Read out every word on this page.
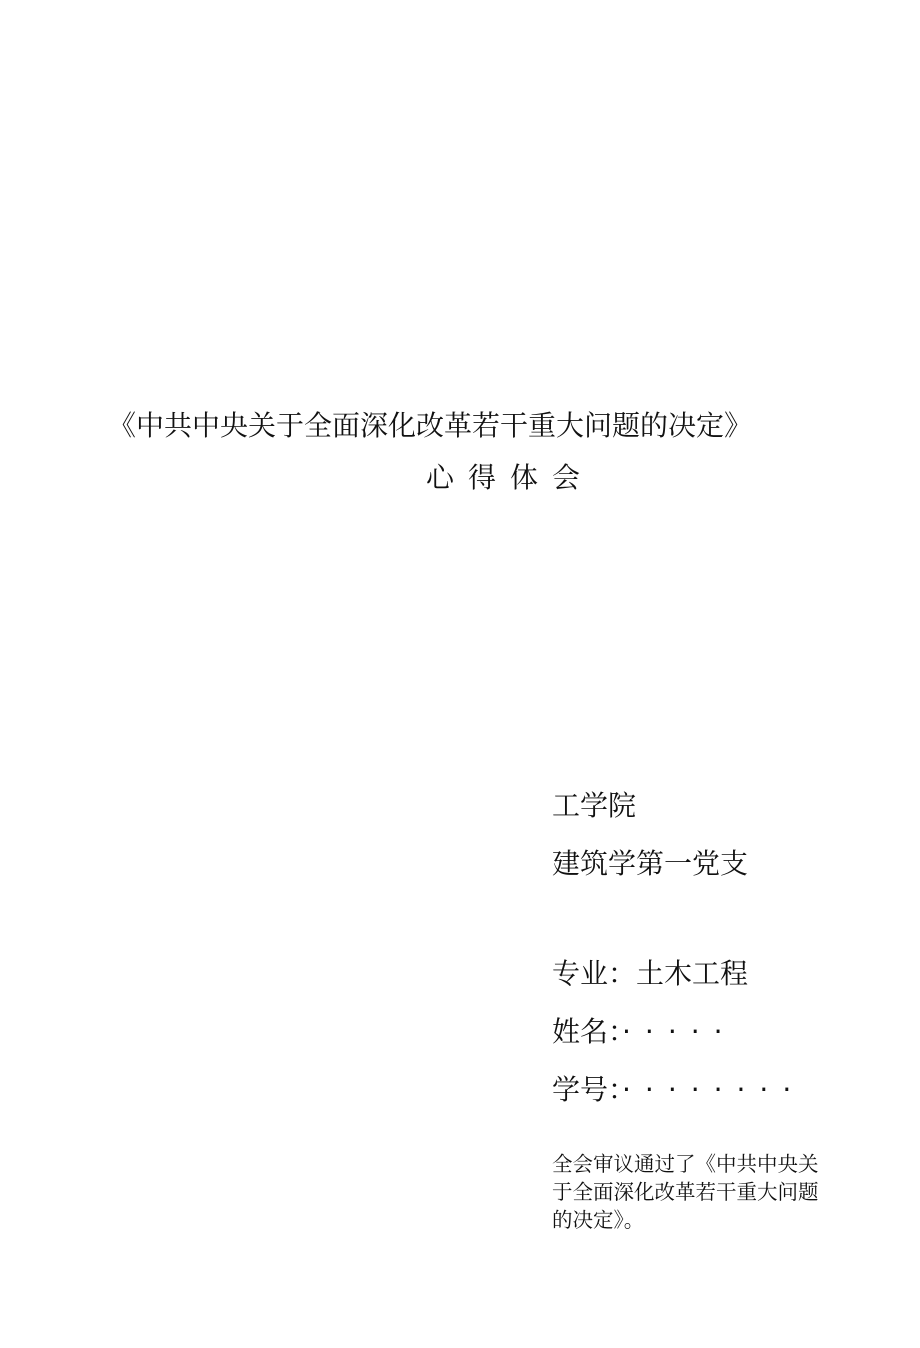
《中共中央关于全面深化改革若干重大问题的决定》
心得体会
工学院
建筑学第一党支
专业：土木工程
姓名：·····
学号：········
全会审议通过了《中共中央关于全面深化改革若干重大问题的决定》。
